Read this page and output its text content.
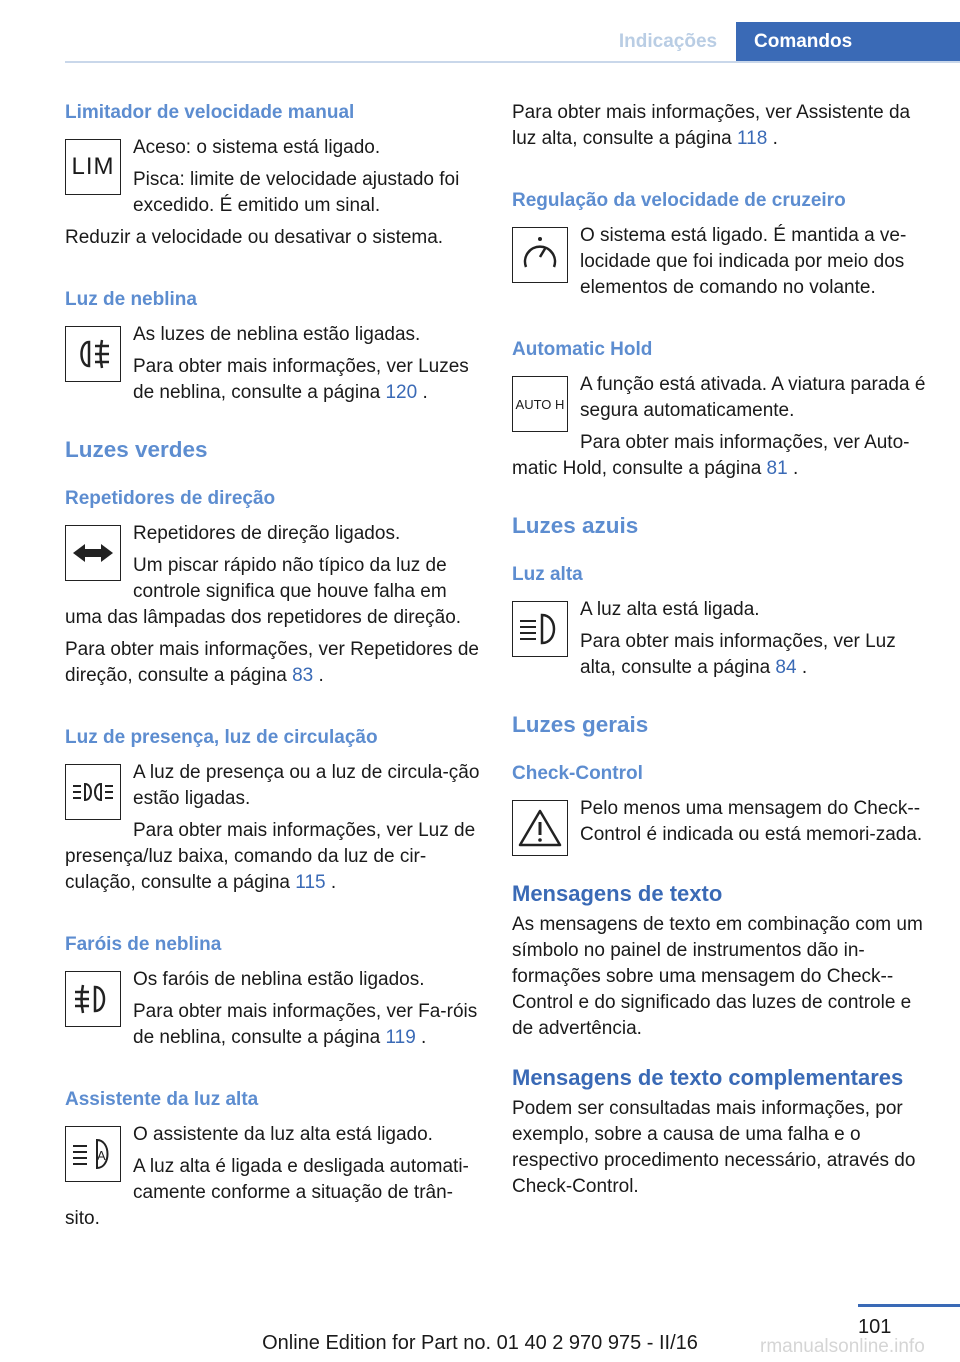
Indicações	Comandos
Limitador de velocidade manual
LIM

Aceso: o sistema está ligado.

Pisca: limite de velocidade ajustado foi excedido. É emitido um sinal.

Reduzir a velocidade ou desativar o sistema.

Luz de neblina

As luzes de neblina estão ligadas.

Para obter mais informações, ver Luzes de neblina, consulte a página 120 .

Luzes verdes
Repetidores de direção

Repetidores de direção ligados.

Um piscar rápido não típico da luz de controle significa que houve falha em uma das lâmpadas dos repetidores de direção.

Para obter mais informações, ver Repetidores de direção, consulte a página 83 .

Luz de presença, luz de circulação

A luz de presença ou a luz de circula-ção estão ligadas.

Para obter mais informações, ver Luz de presença/luz baixa, comando da luz de cir-culação, consulte a página 115 .

Faróis de neblina

Os faróis de neblina estão ligados.

Para obter mais informações, ver Fa-róis de neblina, consulte a página 119 .

Assistente da luz alta
A

O assistente da luz alta está ligado.

A luz alta é ligada e desligada automati-camente conforme a situação de trân-sito.

Para obter mais informações, ver Assistente da luz alta, consulte a página 118 .

Regulação da velocidade de cruzeiro

O sistema está ligado. É mantida a ve-locidade que foi indicada por meio dos elementos de comando no volante.

Automatic Hold
AUTO H

A função está ativada. A viatura parada é segura automaticamente.

Para obter mais informações, ver Auto-matic Hold, consulte a página 81 .

Luzes azuis
Luz alta

A luz alta está ligada.

Para obter mais informações, ver Luz alta, consulte a página 84 .

Luzes gerais
Check-Control

Pelo menos uma mensagem do Check--Control é indicada ou está memori-zada.

Mensagens de texto

As mensagens de texto em combinação com um símbolo no painel de instrumentos dão in-formações sobre uma mensagem do Check--Control e do significado das luzes de controle e de advertência.

Mensagens de texto complementares

Podem ser consultadas mais informações, por exemplo, sobre a causa de uma falha e o respectivo procedimento necessário, através do Check-Control.

101
Online Edition for Part no. 01 40 2 970 975 - II/16	rmanualsonline.info
